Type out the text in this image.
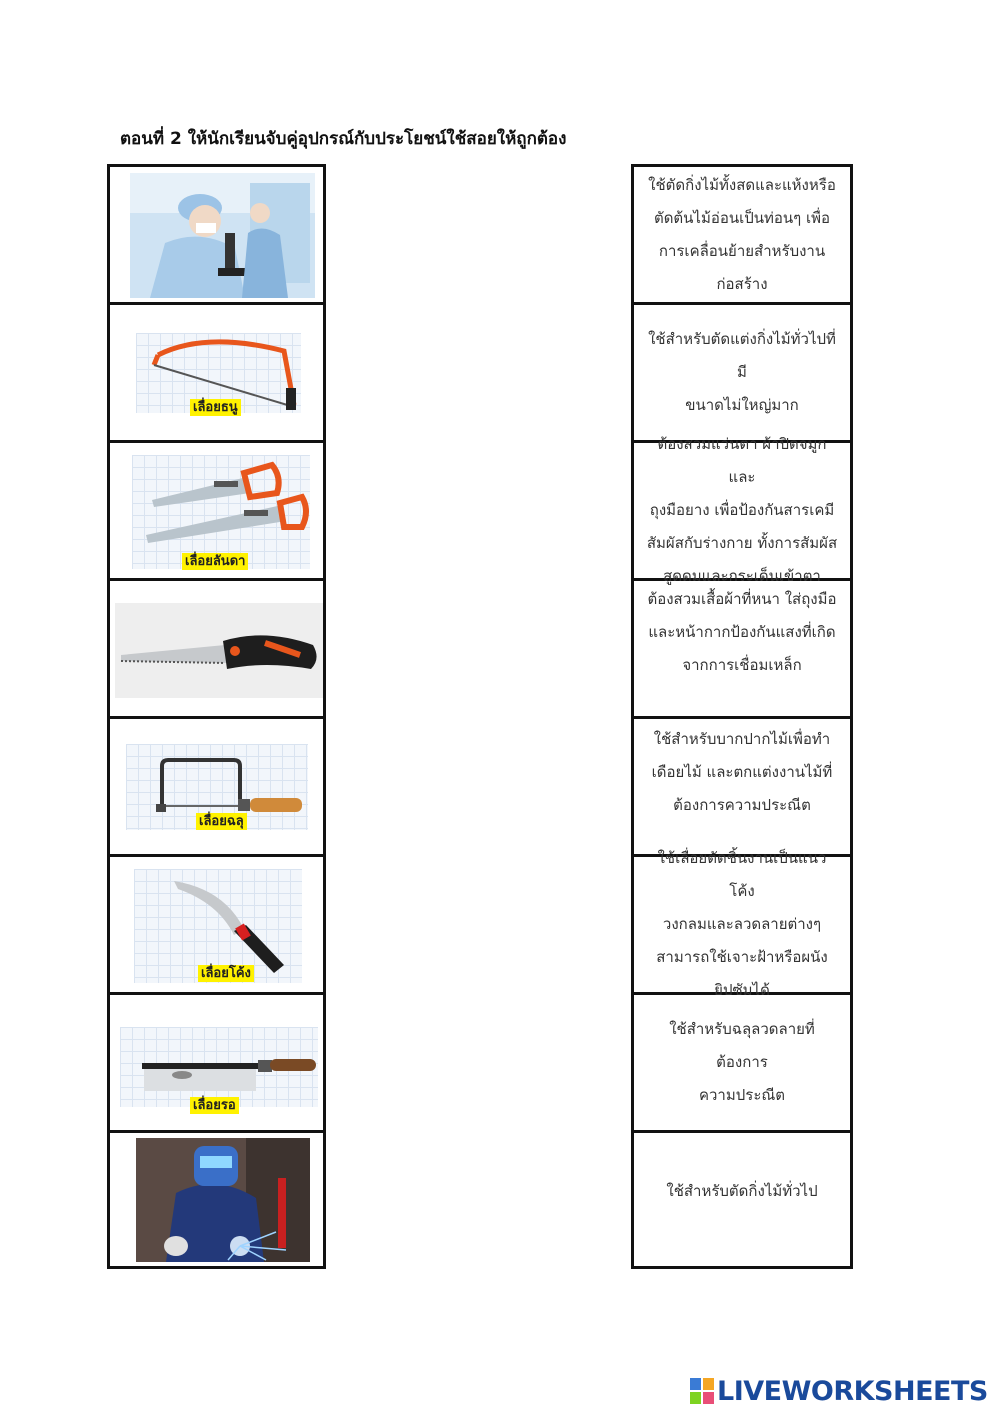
ตอนที่ 2 ให้นักเรียนจับคู่อุปกรณ์กับประโยชน์ใช้สอยให้ถูกต้อง
เลื่อยธนู
เลื่อยลันดา
เลื่อยฉลุ
เลื่อยโค้ง
เลื่อยรอ
ใช้ตัดกิ่งไม้ทั้งสดและแห้งหรือ
ตัดต้นไม้อ่อนเป็นท่อนๆ เพื่อ
การเคลื่อนย้ายสำหรับงาน
ก่อสร้าง
ใช้สำหรับตัดแต่งกิ่งไม้ทั่วไปที่มี
ขนาดไม่ใหญ่มาก
ต้องสวมแว่นตา ผ้าปิดจมูก และ
ถุงมือยาง เพื่อป้องกันสารเคมี
สัมผัสกับร่างกาย ทั้งการสัมผัส
สูดดมและกระเด็นเข้าตา
ต้องสวมเสื้อผ้าที่หนา ใส่ถุงมือ
และหน้ากากป้องกันแสงที่เกิด
จากการเชื่อมเหล็ก
ใช้สำหรับบากปากไม้เพื่อทำ
เดือยไม้ และตกแต่งงานไม้ที่
ต้องการความประณีต
ใช้เลื่อยตัดชิ้นงานเป็นแนวโค้ง
วงกลมและลวดลายต่างๆ
สามารถใช้เจาะฝ้าหรือผนัง
ยิปซัมได้
ใช้สำหรับฉลุลวดลายที่ต้องการ
ความประณีต
ใช้สำหรับตัดกิ่งไม้ทั่วไป
LIVEWORKSHEETS
